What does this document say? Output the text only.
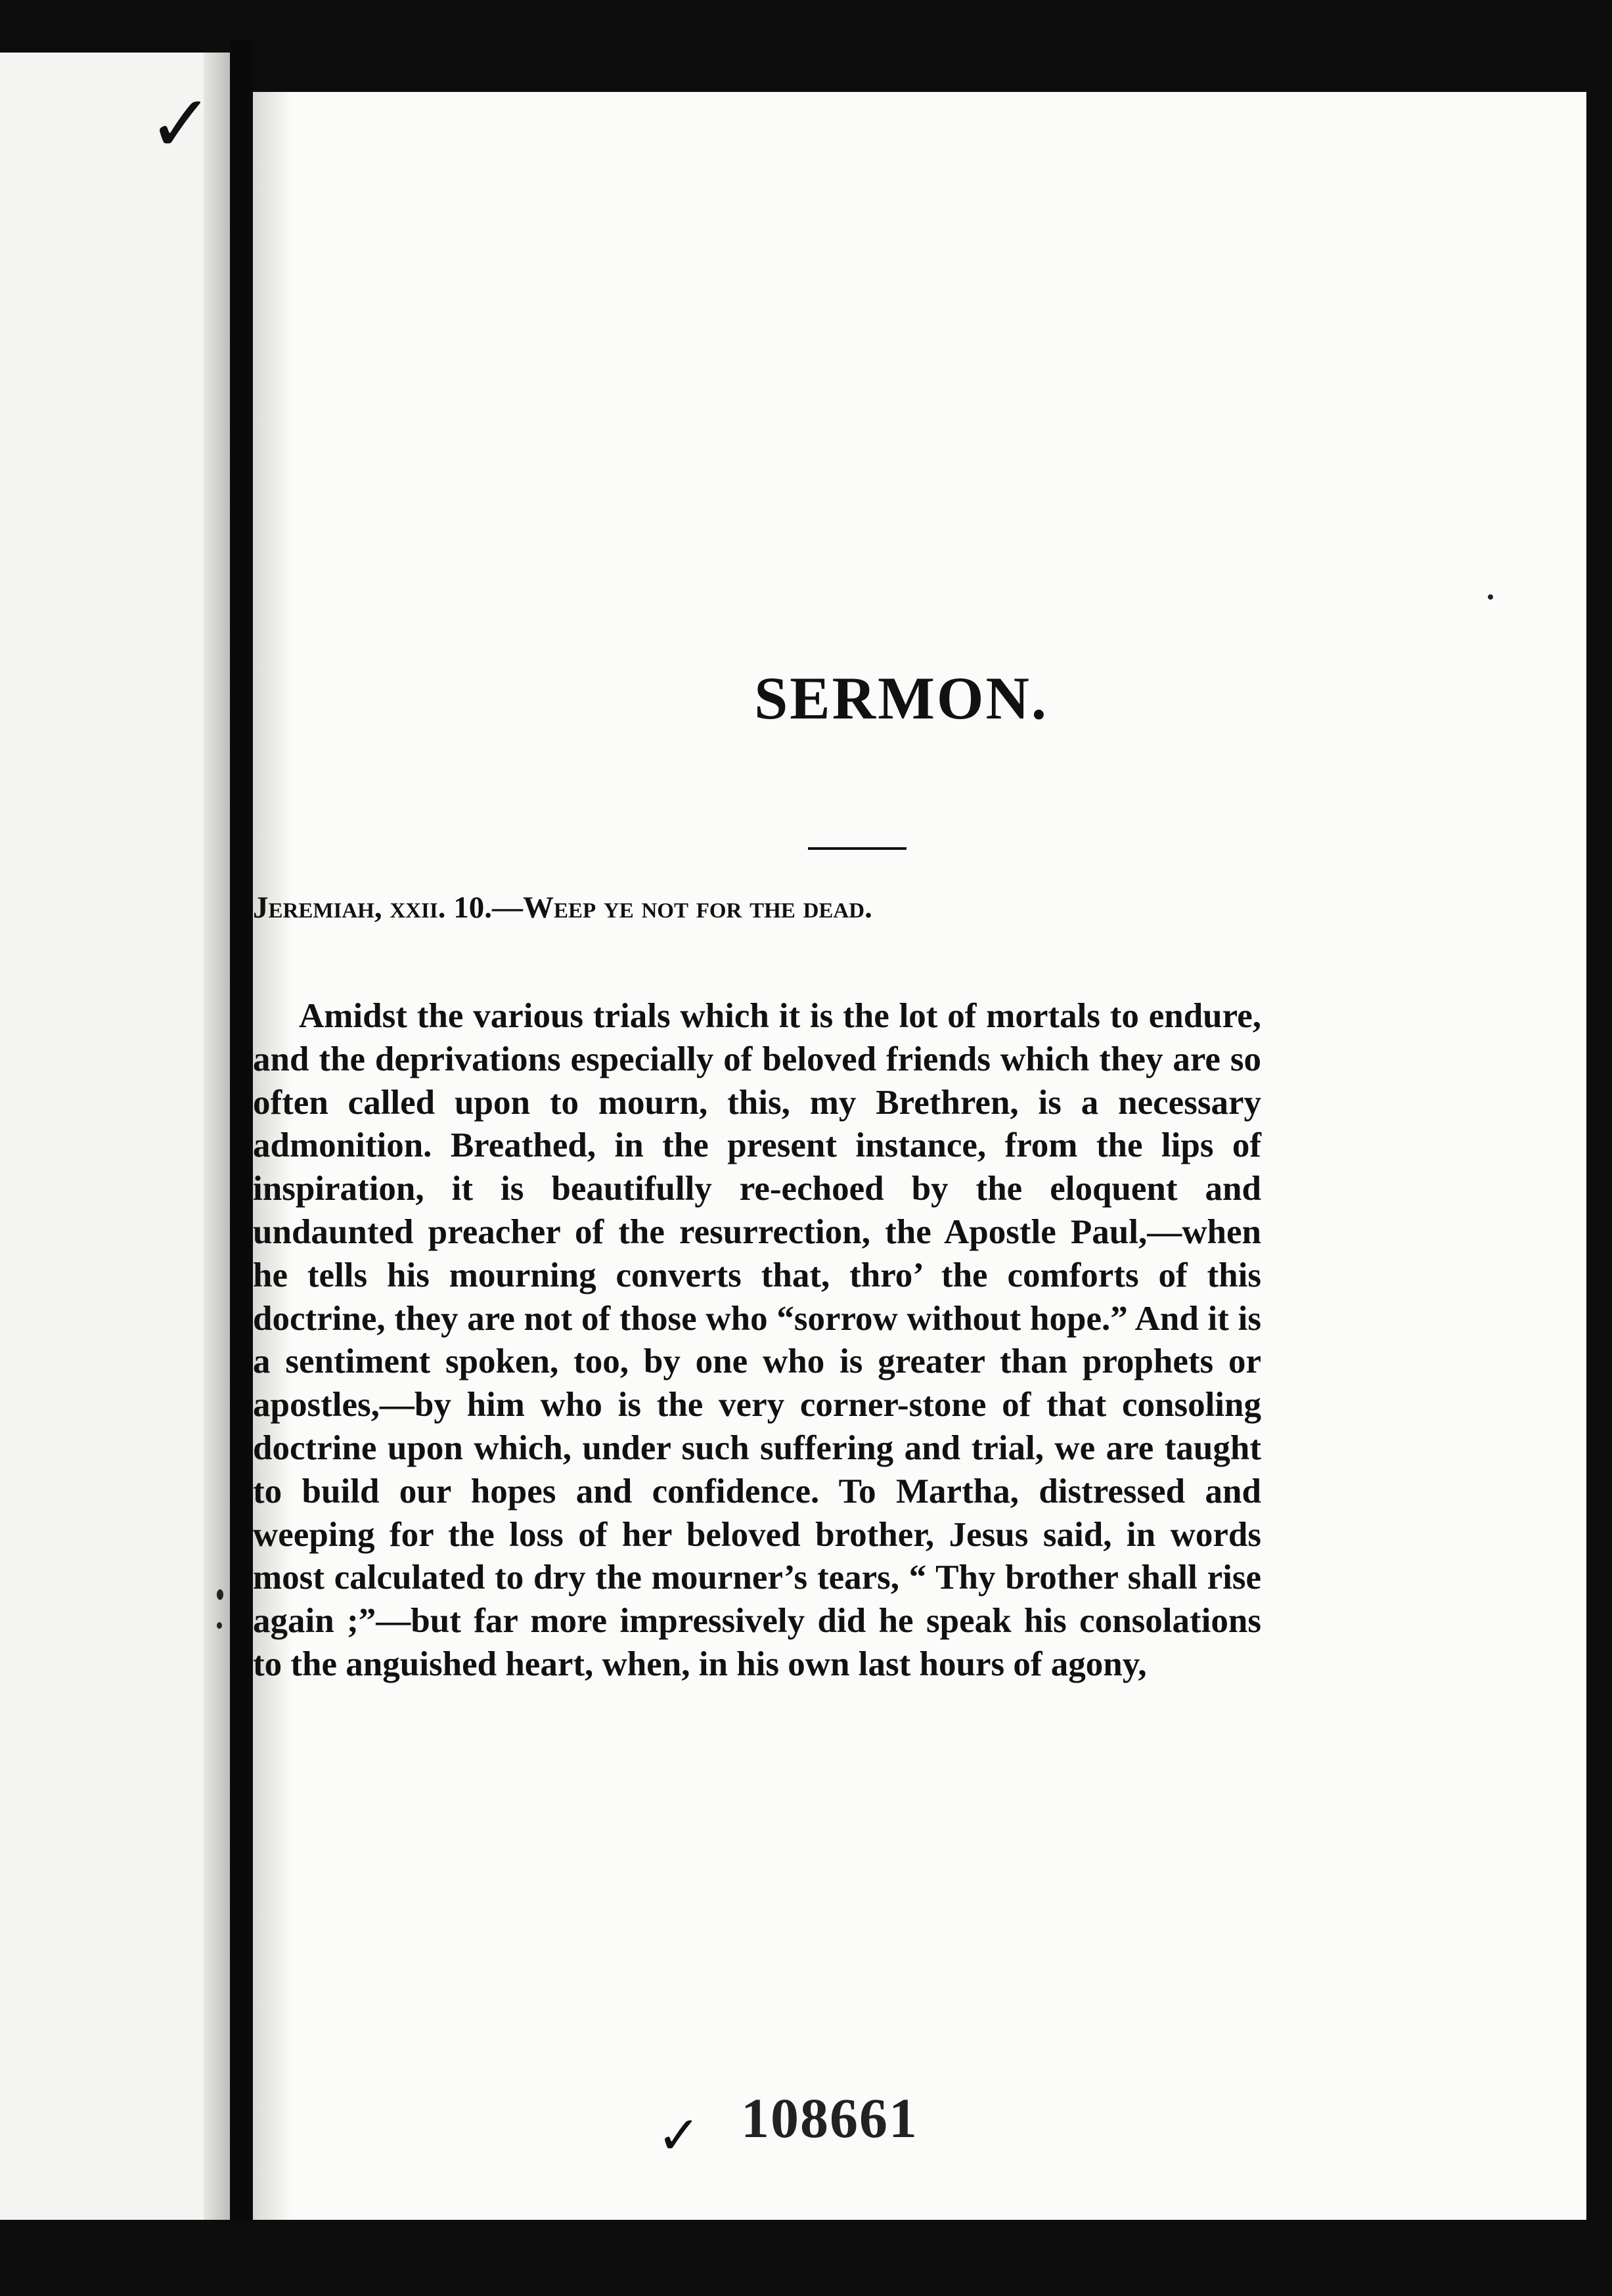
✓
SERMON.
Jeremiah, xxii. 10.—Weep ye not for the dead.

Amidst the various trials which it is the lot of mortals to endure, and the deprivations especially of beloved friends which they are so often called upon to mourn, this, my Brethren, is a necessary admonition. Breathed, in the present instance, from the lips of inspiration, it is beautifully re-echoed by the eloquent and undaunted preacher of the resurrection, the Apostle Paul,—when he tells his mourning converts that, thro’ the comforts of this doctrine, they are not of those who “sorrow without hope.” And it is a sentiment spoken, too, by one who is greater than prophets or apostles,—by him who is the very corner-stone of that consoling doctrine upon which, under such suffering and trial, we are taught to build our hopes and confidence. To Martha, distressed and weeping for the loss of her beloved brother, Jesus said, in words most calculated to dry the mourner’s tears, “ Thy brother shall rise again ;”—but far more impressively did he speak his consolations to the anguished heart, when, in his own last hours of agony,

✓ 108661
